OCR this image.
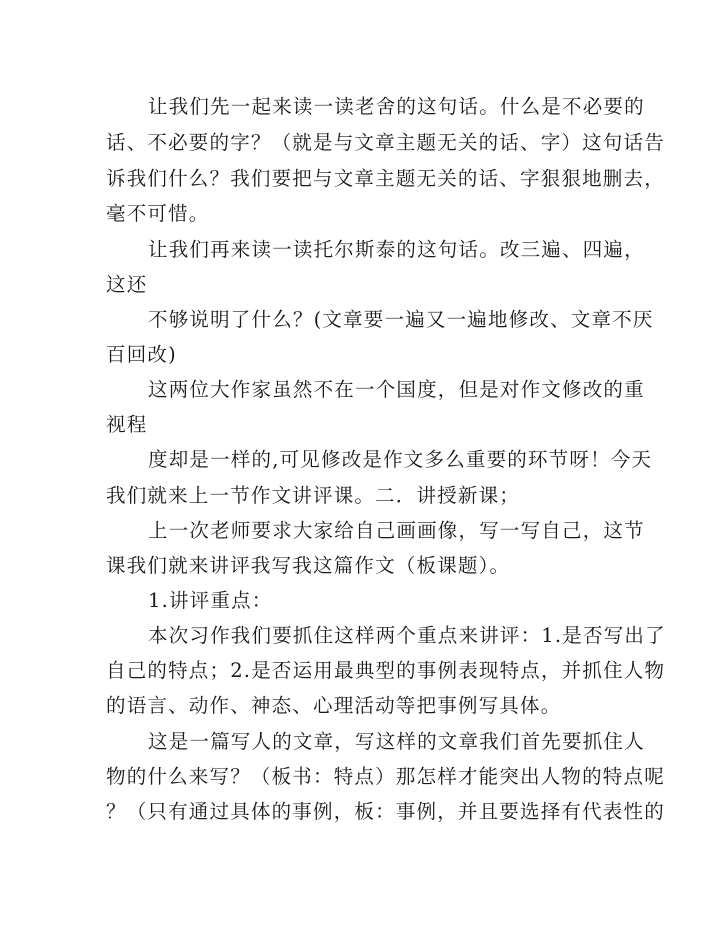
让我们先一起来读一读老舍的这句话。什么是不必要的
话、不必要的字？（就是与文章主题无关的话、字）这句话告
诉我们什么？我们要把与文章主题无关的话、字狠狠地删去，
毫不可惜。
让我们再来读一读托尔斯泰的这句话。改三遍、四遍，
这还
不够说明了什么？(文章要一遍又一遍地修改、文章不厌
百回改)
这两位大作家虽然不在一个国度，但是对作文修改的重
视程
度却是一样的,可见修改是作文多么重要的环节呀！今天
我们就来上一节作文讲评课。二．讲授新课；
上一次老师要求大家给自己画画像，写一写自己，这节
课我们就来讲评我写我这篇作文（板课题）。
1.讲评重点：
本次习作我们要抓住这样两个重点来讲评：1.是否写出了
自己的特点；2.是否运用最典型的事例表现特点，并抓住人物
的语言、动作、神态、心理活动等把事例写具体。
这是一篇写人的文章，写这样的文章我们首先要抓住人
物的什么来写？（板书：特点）那怎样才能突出人物的特点呢
？（只有通过具体的事例，板：事例，并且要选择有代表性的
